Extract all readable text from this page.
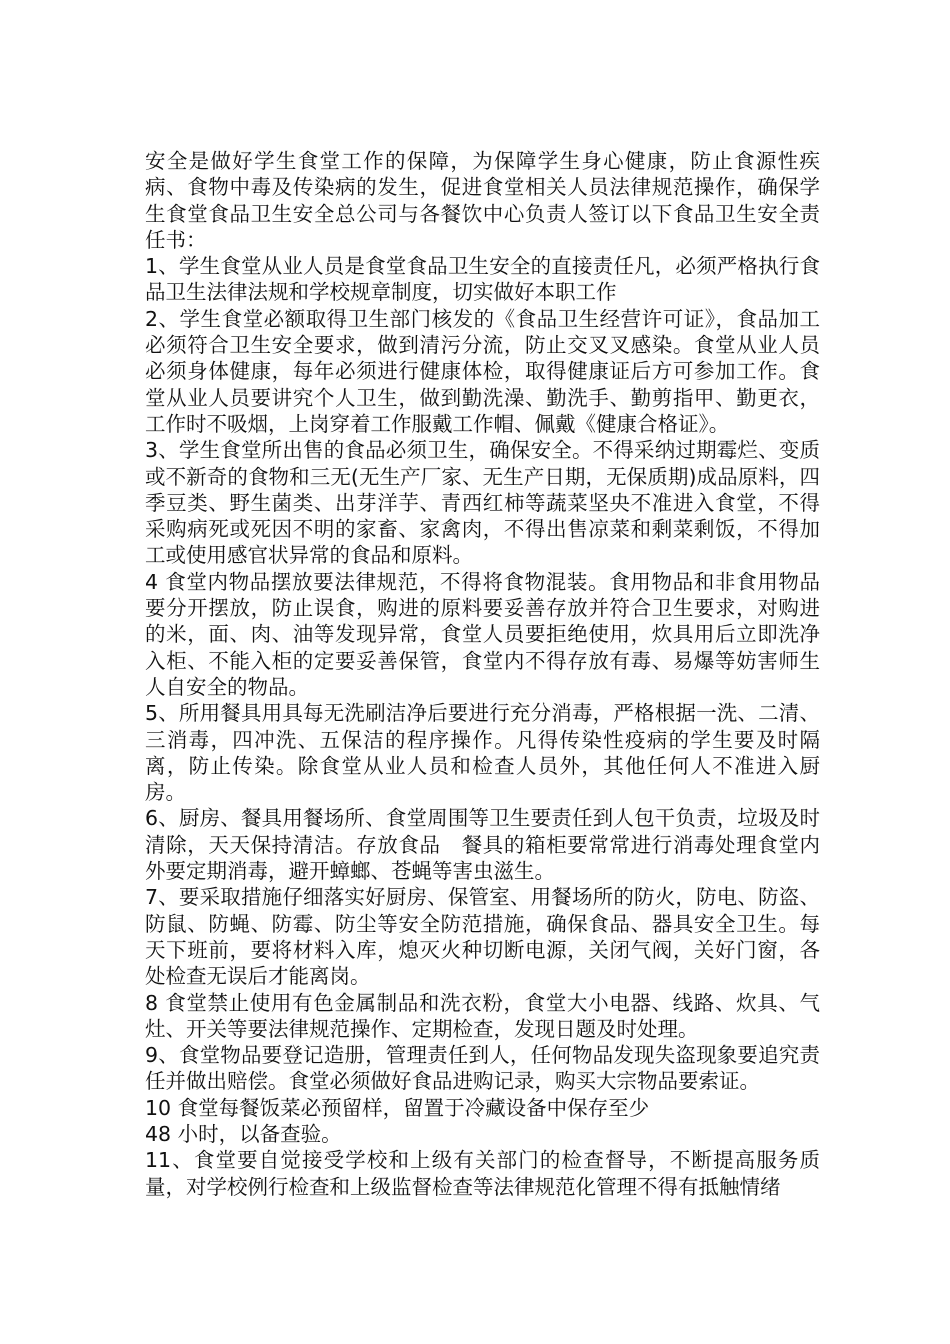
安全是做好学生食堂工作的保障，为保障学生身心健康，防止食源性疾病、食物中毒及传染病的发生，促进食堂相关人员法律规范操作，确保学生食堂食品卫生安全总公司与各餐饮中心负责人签订以下食品卫生安全责任书：

1、学生食堂从业人员是食堂食品卫生安全的直接责任凡，必须严格执行食品卫生法律法规和学校规章制度，切实做好本职工作

2、学生食堂必额取得卫生部门核发的《食品卫生经营许可证》，食品加工必须符合卫生安全要求，做到清污分流，防止交叉叉感染。食堂从业人员必须身体健康，每年必须进行健康体检，取得健康证后方可参加工作。食堂从业人员要讲究个人卫生，做到勤洗澡、勤洗手、勤剪指甲、勤更衣，工作时不吸烟，上岗穿着工作服戴工作帽、佩戴《健康合格证》。

3、学生食堂所出售的食品必须卫生，确保安全。不得采纳过期霉烂、变质或不新奇的食物和三无(无生产厂家、无生产日期，无保质期)成品原料，四季豆类、野生菌类、出芽洋芋、青西红柿等蔬菜坚央不准进入食堂，不得采购病死或死因不明的家畜、家禽肉，不得出售凉菜和剩菜剩饭，不得加工或使用感官状异常的食品和原料。

4 食堂内物品摆放要法律规范，不得将食物混装。食用物品和非食用物品要分开摆放，防止误食，购进的原料要妥善存放并符合卫生要求，对购进的米，面、肉、油等发现异常，食堂人员要拒绝使用，炊具用后立即洗净入柜、不能入柜的定要妥善保管，食堂内不得存放有毒、易爆等妨害师生人自安全的物品。

5、所用餐具用具每无洗刷洁净后要进行充分消毒，严格根据一洗、二清、三消毒，四冲洗、五保洁的程序操作。凡得传染性疫病的学生要及时隔离，防止传染。除食堂从业人员和检查人员外，其他任何人不准进入厨房。

6、厨房、餐具用餐场所、食堂周围等卫生要责任到人包干负责，垃圾及时清除，天天保持清洁。存放食品　餐具的箱柜要常常进行消毒处理食堂内外要定期消毒，避开蟑螂、苍蝇等害虫滋生。

7、要采取措施仔细落实好厨房、保管室、用餐场所的防火，防电、防盗、防鼠、防蝇、防霉、防尘等安全防范措施，确保食品、器具安全卫生。每天下班前，要将材料入库，熄灭火种切断电源，关闭气阀，关好门窗，各处检查无误后才能离岗。

8 食堂禁止使用有色金属制品和洗衣粉，食堂大小电器、线路、炊具、气灶、开关等要法律规范操作、定期检查，发现日题及时处理。

9、食堂物品要登记造册，管理责任到人，任何物品发现失盗现象要追究责任并做出赔偿。食堂必须做好食品进购记录，购买大宗物品要索证。

10 食堂每餐饭菜必预留样，留置于冷藏设备中保存至少

48 小时，以备查验。

11、食堂要自觉接受学校和上级有关部门的检查督导，不断提高服务质量，对学校例行检查和上级监督检查等法律规范化管理不得有抵触情绪
